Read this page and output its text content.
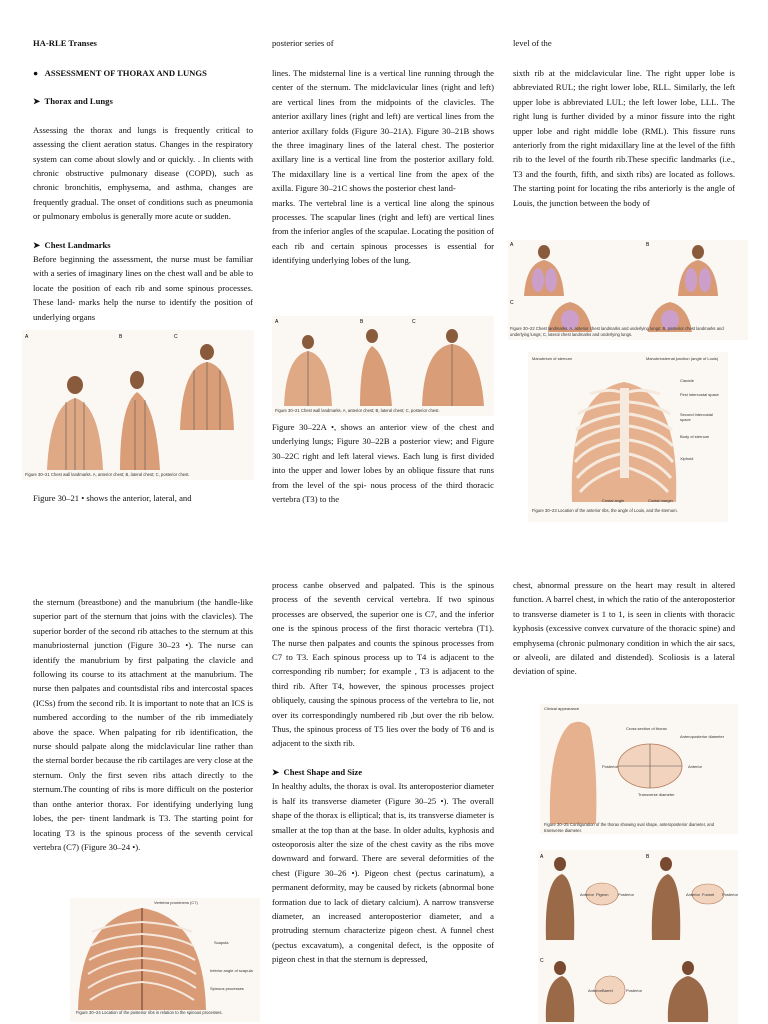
HA-RLE Transes	posterior series of	level of the

●   ASSESSMENT OF THORAX AND LUNGS

➤  Thorax and Lungs

Assessing the thorax and lungs is frequently critical to assessing the client aeration status. Changes in the respiratory system can come about slowly and or quickly. . In clients with chronic obstructive pulmonary disease (COPD), such as chronic bronchitis, emphysema, and asthma, changes are frequently gradual. The onset of conditions such as pneumonia or pulmonary embolus is generally more acute or sudden.

➤  Chest Landmarks

Before beginning the assessment, the nurse must be familiar with a series of imaginary lines on the chest wall and be able to locate the position of each rib and some spinous processes. These land- marks help the nurse to identify the position of underlying organs

A	B	C
Figure 30–21 Chest wall landmarks. A, anterior chest; B, lateral chest; C, posterior chest.
Figure 30–21 • shows the anterior, lateral, and
the sternum (breastbone) and the manubrium (the handle-like superior part of the sternum that joins with the clavicles). The superior border of the second rib attaches to the sternum at this manubriosternal junction (Figure 30–23 •). The nurse can identify the manubrium by first palpating the clavicle and following its course to its attachment at the manubrium. The nurse then palpates and countsdistal ribs and intercostal spaces (ICSs) from the second rib. It is important to note that an ICS is numbered according to the number of the rib immediately above the space. When palpating for rib identification, the nurse should palpate along the midclavicular line rather than the sternal border because the rib cartilages are very close at the sternum. Only the first seven ribs attach directly to the sternum.The counting of ribs is more difficult on the posterior than onthe anterior thorax. For identifying underlying lung lobes, the per- tinent landmark is T3. The starting point for locating T3 is the spinous process of the seventh cervical vertebra (C7) (Figure 30–24 •).
Vertebra prominens (C7)
Scapula
Inferior angle of scapula
Spinous processes
Figure 30–24 Location of the posterior ribs in relation to the spinous processes.

lines. The midsternal line is a vertical line running through the center of the sternum. The midclavicular lines (right and left) are vertical lines from the midpoints of the clavicles. The anterior axillary lines (right and left) are vertical lines from the anterior axillary folds (Figure 30–21A). Figure 30–21B shows the three imaginary lines of the lateral chest. The posterior axillary line is a vertical line from the posterior axillary fold. The midaxillary line is a vertical line from the apex of the axilla. Figure 30–21C shows the posterior chest land-

marks. The vertebral line is a vertical line along the spinous processes. The scapular lines (right and left) are vertical lines from the inferior angles of the scapulae. Locating the position of each rib and certain spinous processes is essential for identifying underlying lobes of the lung.

A	B	C
Figure 30–21 Chest wall landmarks. A, anterior chest; B, lateral chest; C, posterior chest.
Figure 30–22A •, shows an anterior view of the chest and underlying lungs; Figure 30–22B a posterior view; and Figure 30–22C right and left lateral views. Each lung is first divided into the upper and lower lobes by an oblique fissure that runs from the level of the spi- nous process of the third thoracic vertebra (T3) to the

process canbe observed and palpated. This is the spinous process of the seventh cervical vertebra. If two spinous processes are observed, the superior one is C7, and the inferior one is the spinous process of the first thoracic vertebra (T1). The nurse then palpates and counts the spinous processes from C7 to T3. Each spinous process up to T4 is adjacent to the corresponding rib number; for example , T3 is adjacent to the third rib. After T4, however, the spinous processes project obliquely, causing the spinous process of the vertebra to lie, not over its correspondingly numbered rib ,but over the rib below. Thus, the spinous process of T5 lies over the body of T6 and is adjacent to the sixth rib.

➤  Chest Shape and Size

In healthy adults, the thorax is oval. Its anteroposterior diameter is half its transverse diameter (Figure 30–25 •). The overall shape of the thorax is elliptical; that is, its transverse diameter is smaller at the top than at the base. In older adults, kyphosis and osteoporosis alter the size of the chest cavity as the ribs move downward and forward. There are several deformities of the chest (Figure 30–26 •). Pigeon chest (pectus carinatum), a permanent deformity, may be caused by rickets (abnormal bone formation due to lack of dietary calcium). A narrow transverse diameter, an increased anteroposterior diameter, and a protruding sternum characterize pigeon chest. A funnel chest (pectus excavatum), a congenital defect, is the opposite of pigeon chest in that the sternum is depressed,

sixth rib at the midclavicular line. The right upper lobe is abbreviated RUL; the right lower lobe, RLL. Similarly, the left upper lobe is abbreviated LUL; the left lower lobe, LLL. The right lung is further divided by a minor fissure into the right upper lobe and right middle lobe (RML). This fissure runs anteriorly from the right midaxillary line at the level of the fifth rib to the level of the fourth rib.These specific landmarks (i.e., T3 and the fourth, fifth, and sixth ribs) are located as follows. The starting point for locating the ribs anteriorly is the angle of Louis, the junction between the body of
A	B
C
Figure 30–22 Chest landmarks. A, anterior chest landmarks and underlying lungs; B, posterior chest landmarks and underlying lungs; C, lateral chest landmarks and underlying lungs.
Manubrium of sternum	Manubriosternal junction (angle of Louis)
Clavicle
First intercostal space
Second intercostal space
Body of sternum
Xiphoid
Costal margin
Costal angle
Figure 30–23 Location of the anterior ribs, the angle of Louis, and the sternum.
chest, abnormal pressure on the heart may result in altered function. A barrel chest, in which the ratio of the anteroposterior to transverse diameter is 1 to 1, is seen in clients with thoracic kyphosis (excessive convex curvature of the thoracic spine) and emphysema (chronic pulmonary condition in which the air sacs, or alveoli, are dilated and distended). Scoliosis is a lateral deviation of spine.
Clinical appearance
Cross section of thorax
Anteroposterior diameter
Posterior	Anterior
Transverse diameter
Figure 30–25 Configuration of the thorax showing oval shape, anteroposterior diameter, and transverse diameter.
A	B
C
Anterior Pigeon Posterior	Anterior Funnel Posterior
Anterior Barrel	Posterior
